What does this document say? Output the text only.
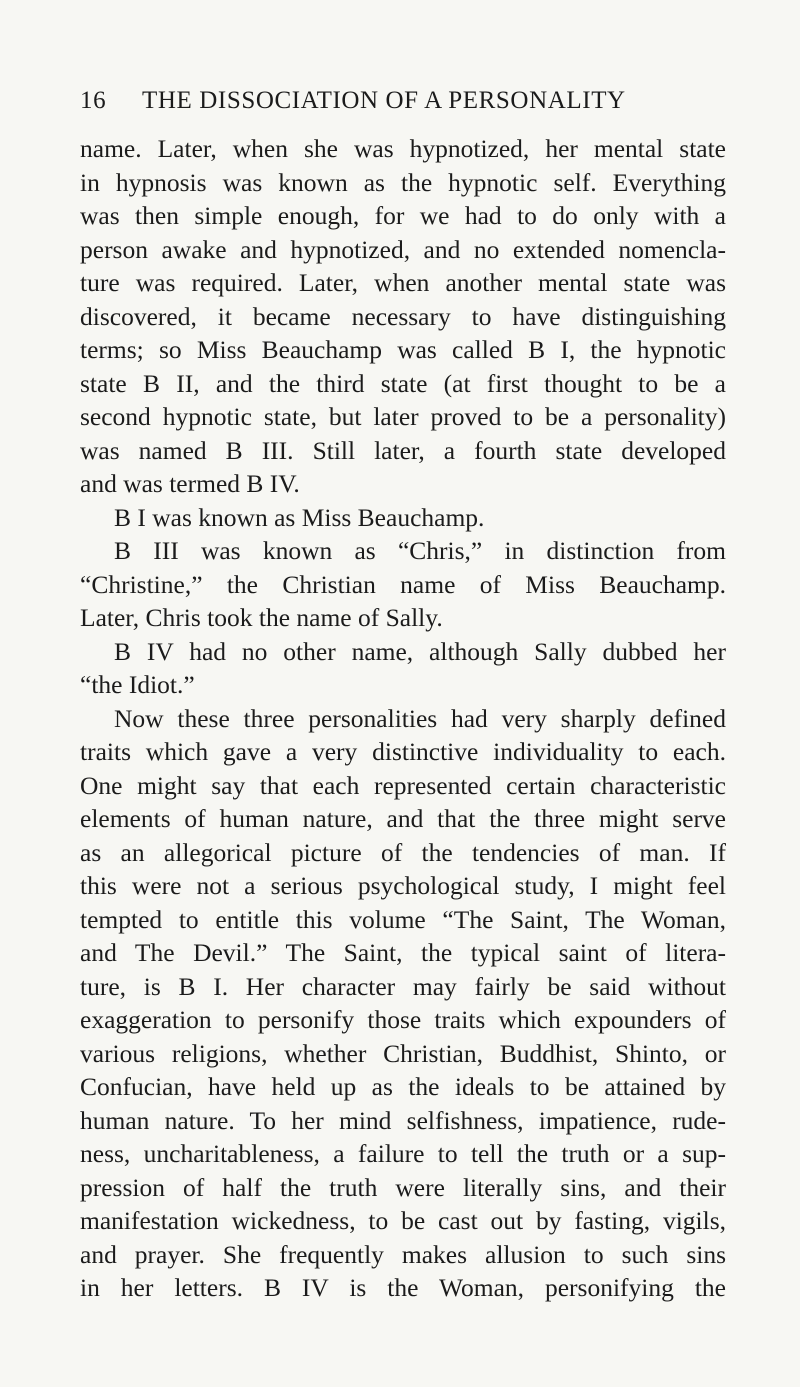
16 THE DISSOCIATION OF A PERSONALITY
name. Later, when she was hypnotized, her mental state
in hypnosis was known as the hypnotic self. Everything
was then simple enough, for we had to do only with a
person awake and hypnotized, and no extended nomencla-
ture was required. Later, when another mental state was
discovered, it became necessary to have distinguishing
terms; so Miss Beauchamp was called B I, the hypnotic
state B II, and the third state (at first thought to be a
second hypnotic state, but later proved to be a personality)
was named B III. Still later, a fourth state developed
and was termed B IV.
B I was known as Miss Beauchamp.
B III was known as “Chris,” in distinction from
“Christine,” the Christian name of Miss Beauchamp.
Later, Chris took the name of Sally.
B IV had no other name, although Sally dubbed her
“the Idiot.”
Now these three personalities had very sharply defined
traits which gave a very distinctive individuality to each.
One might say that each represented certain characteristic
elements of human nature, and that the three might serve
as an allegorical picture of the tendencies of man. If
this were not a serious psychological study, I might feel
tempted to entitle this volume “The Saint, The Woman,
and The Devil.” The Saint, the typical saint of litera-
ture, is B I. Her character may fairly be said without
exaggeration to personify those traits which expounders of
various religions, whether Christian, Buddhist, Shinto, or
Confucian, have held up as the ideals to be attained by
human nature. To her mind selfishness, impatience, rude-
ness, uncharitableness, a failure to tell the truth or a sup-
pression of half the truth were literally sins, and their
manifestation wickedness, to be cast out by fasting, vigils,
and prayer. She frequently makes allusion to such sins
in her letters. B IV is the Woman, personifying the
